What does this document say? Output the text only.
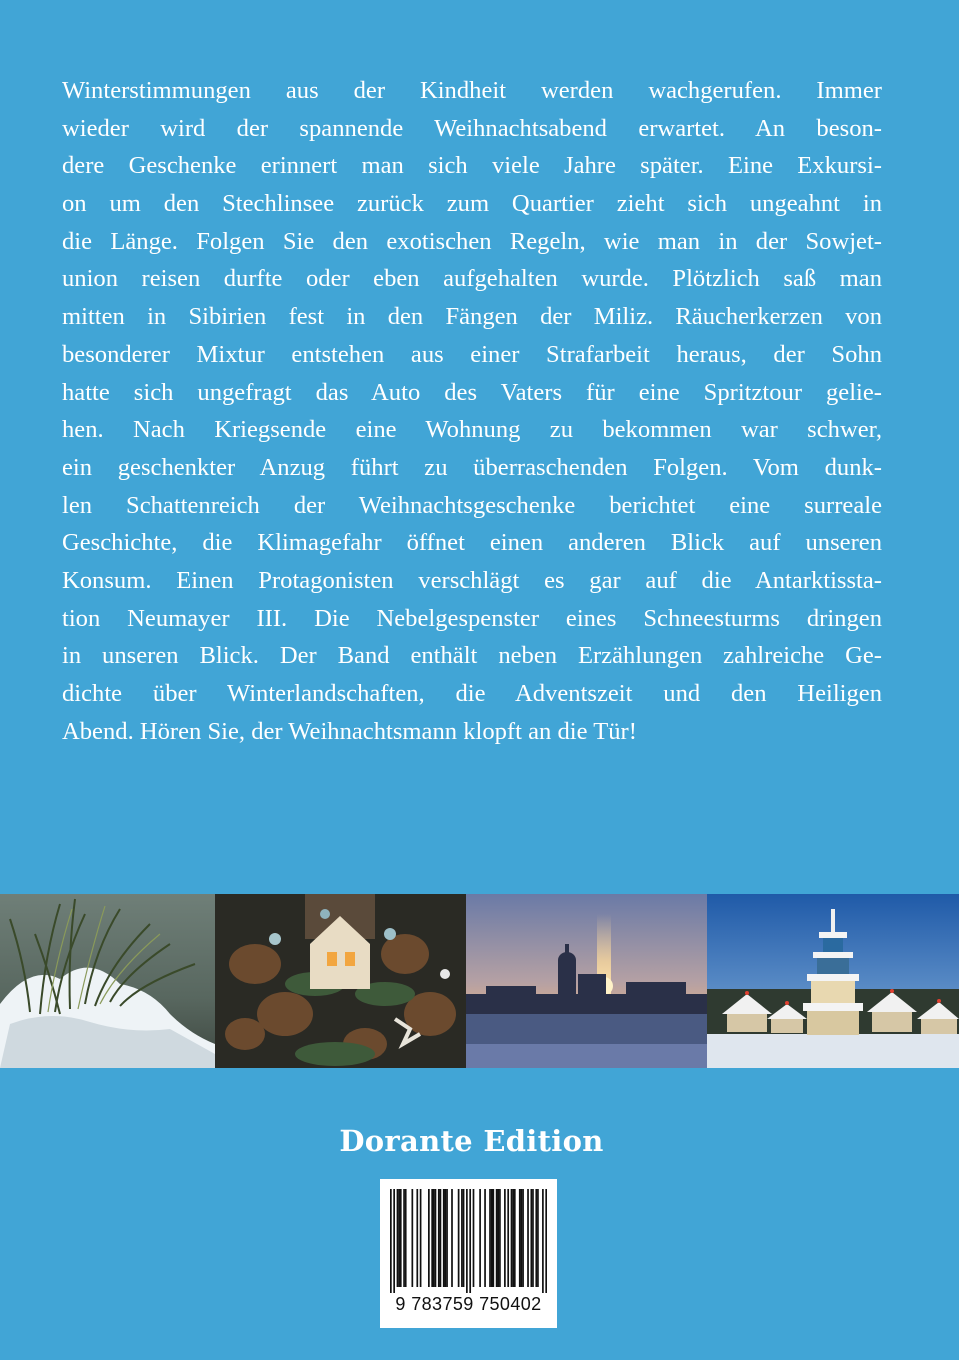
Winterstimmungen aus der Kindheit werden wachgerufen. Immer
wieder wird der spannende Weihnachtsabend erwartet. An beson-
dere Geschenke erinnert man sich viele Jahre später. Eine Exkursi-
on um den Stechlinsee zurück zum Quartier zieht sich ungeahnt in
die Länge. Folgen Sie den exotischen Regeln, wie man in der Sowjet-
union reisen durfte oder eben aufgehalten wurde. Plötzlich saß man
mitten in Sibirien fest in den Fängen der Miliz. Räucherkerzen von
besonderer Mixtur entstehen aus einer Strafarbeit heraus, der Sohn
hatte sich ungefragt das Auto des Vaters für eine Spritztour gelie-
hen. Nach Kriegsende eine Wohnung zu bekommen war schwer,
ein geschenkter Anzug führt zu überraschenden Folgen. Vom dunk-
len Schattenreich der Weihnachtsgeschenke berichtet eine surreale
Geschichte, die Klimagefahr öffnet einen anderen Blick auf unseren
Konsum. Einen Protagonisten verschlägt es gar auf die Antarktissta-
tion Neumayer III. Die Nebelgespenster eines Schneesturms dringen
in unseren Blick. Der Band enthält neben Erzählungen zahlreiche Ge-
dichte über Winterlandschaften, die Adventszeit und den Heiligen
Abend. Hören Sie, der Weihnachtsmann klopft an die Tür!
Dorante Edition
9 783759 750402
